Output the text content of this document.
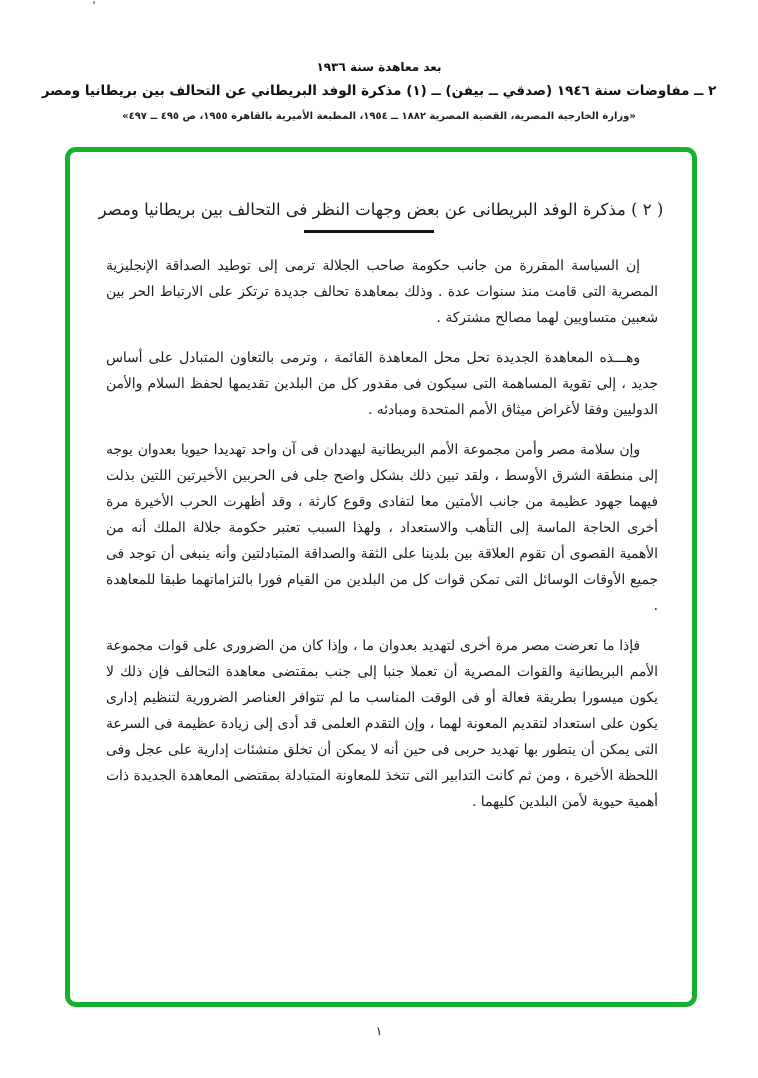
بعد معاهدة سنة ١٩٣٦
٢ ــ مفاوضات سنة ١٩٤٦ (صدقي ــ بيفن) ــ (١) مذكرة الوفد البريطاني عن التحالف بين بريطانيا ومصر
«وزارة الخارجية المصرية، القضية المصرية ١٨٨٢ ــ ١٩٥٤، المطبعة الأميرية بالقاهرة ١٩٥٥، ص ٤٩٥ ــ ٤٩٧»
( ٢ ) مذكرة الوفد البريطانى عن بعض وجهات النظر فى التحالف بين بريطانيا ومصر

إن السياسة المقررة من جانب حكومة صاحب الجلالة ترمى إلى توطيد الصداقة الإنجليزية المصرية التى قامت منذ سنوات عدة . وذلك بمعاهدة تحالف جديدة ترتكز على الارتباط الحر بين شعبين متساويين لهما مصالح مشتركة .

وهـــذه المعاهدة الجديدة تحل محل المعاهدة القائمة ، وترمى بالتعاون المتبادل على أساس جديد ، إلى تقوية المساهمة التى سيكون فى مقدور كل من البلدين تقديمها لحفظ السلام والأمن الدوليين وفقا لأغراض ميثاق الأمم المتحدة ومبادئه .

وإن سلامة مصر وأمن مجموعة الأمم البريطانية ليهددان فى آن واحد تهديدا حيويا بعدوان يوجه إلى منطقة الشرق الأوسط ، ولقد تبين ذلك بشكل واضح جلى فى الحربين الأخيرتين اللتين بذلت فيهما جهود عظيمة من جانب الأمتين معا لتفادى وقوع كارثة ، وقد أظهرت الحرب الأخيرة مرة أخرى الحاجة الماسة إلى التأهب والاستعداد ، ولهذا السبب تعتبر حكومة جلالة الملك أنه من الأهمية القصوى أن تقوم العلاقة بين بلدينا على الثقة والصداقة المتبادلتين وأنه ينبغى أن توجد فى جميع الأوقات الوسائل التى تمكن قوات كل من البلدين من القيام فورا بالتزاماتهما طبقا للمعاهدة .

فإذا ما تعرضت مصر مرة أخرى لتهديد بعدوان ما ، وإذا كان من الضرورى على قوات مجموعة الأمم البريطانية والقوات المصرية أن تعملا جنبا إلى جنب بمقتضى معاهدة التحالف فإن ذلك لا يكون ميسورا بطريقة فعالة أو فى الوقت المناسب ما لم تتوافر العناصر الضرورية لتنظيم إدارى يكون على استعداد لتقديم المعونة لهما ، وإن التقدم العلمى قد أدى إلى زيادة عظيمة فى السرعة التى يمكن أن يتطور بها تهديد حربى فى حين أنه لا يمكن أن تخلق منشئات إدارية على عجل وفى اللحظة الأخيرة ، ومن ثم كانت التدابير التى تتخذ للمعاونة المتبادلة بمقتضى المعاهدة الجديدة ذات أهمية حيوية لأمن البلدين كليهما .

١
